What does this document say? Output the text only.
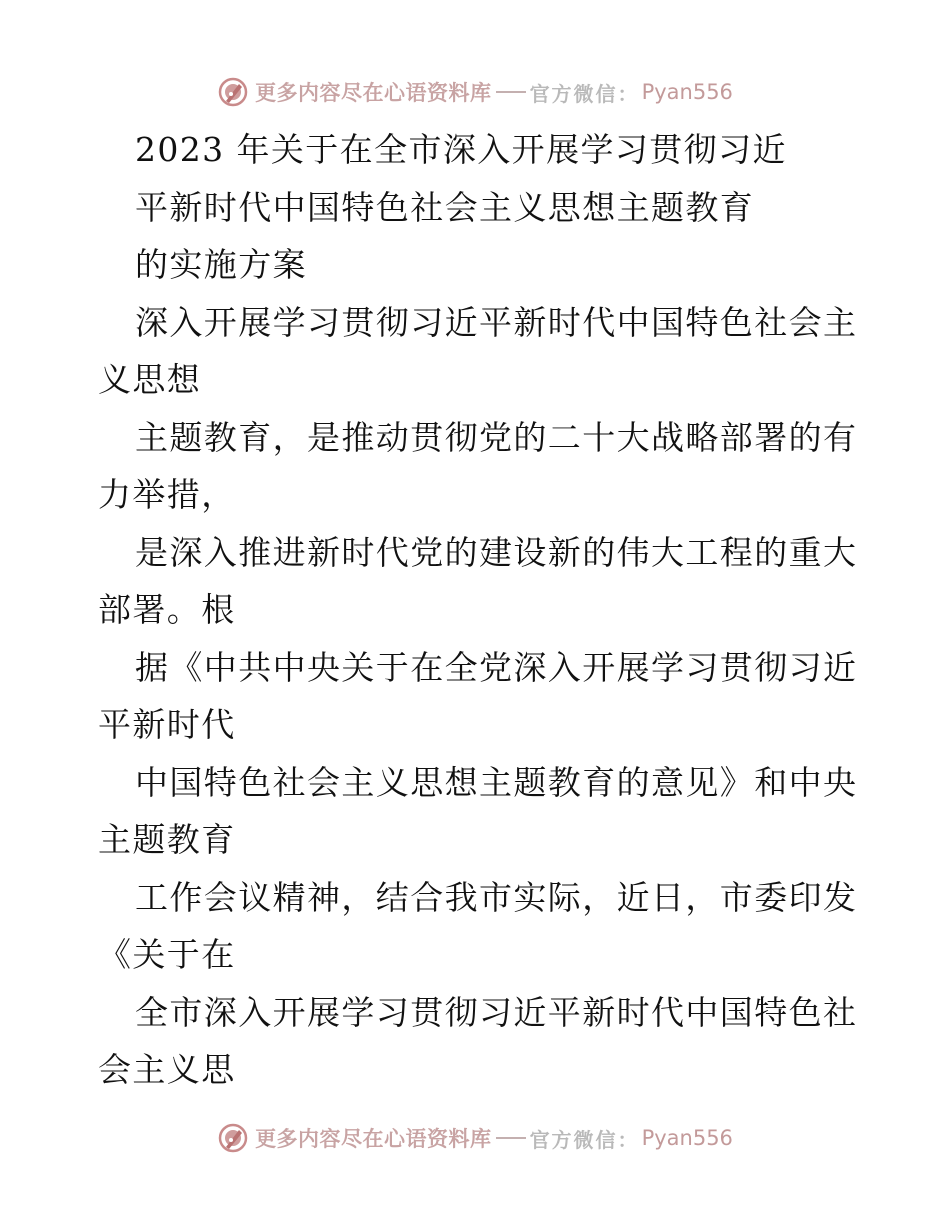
更多内容尽在心语资料库 官方微信： Pyan556
2023 年关于在全市深入开展学习贯彻习近
平新时代中国特色社会主义思想主题教育
的实施方案
深入开展学习贯彻习近平新时代中国特色社会主
义思想
主题教育，是推动贯彻党的二十大战略部署的有
力举措，
是深入推进新时代党的建设新的伟大工程的重大
部署。根
据《中共中央关于在全党深入开展学习贯彻习近
平新时代
中国特色社会主义思想主题教育的意见》和中央
主题教育
工作会议精神，结合我市实际，近日，市委印发
《关于在
全市深入开展学习贯彻习近平新时代中国特色社
会主义思
更多内容尽在心语资料库 官方微信： Pyan556
